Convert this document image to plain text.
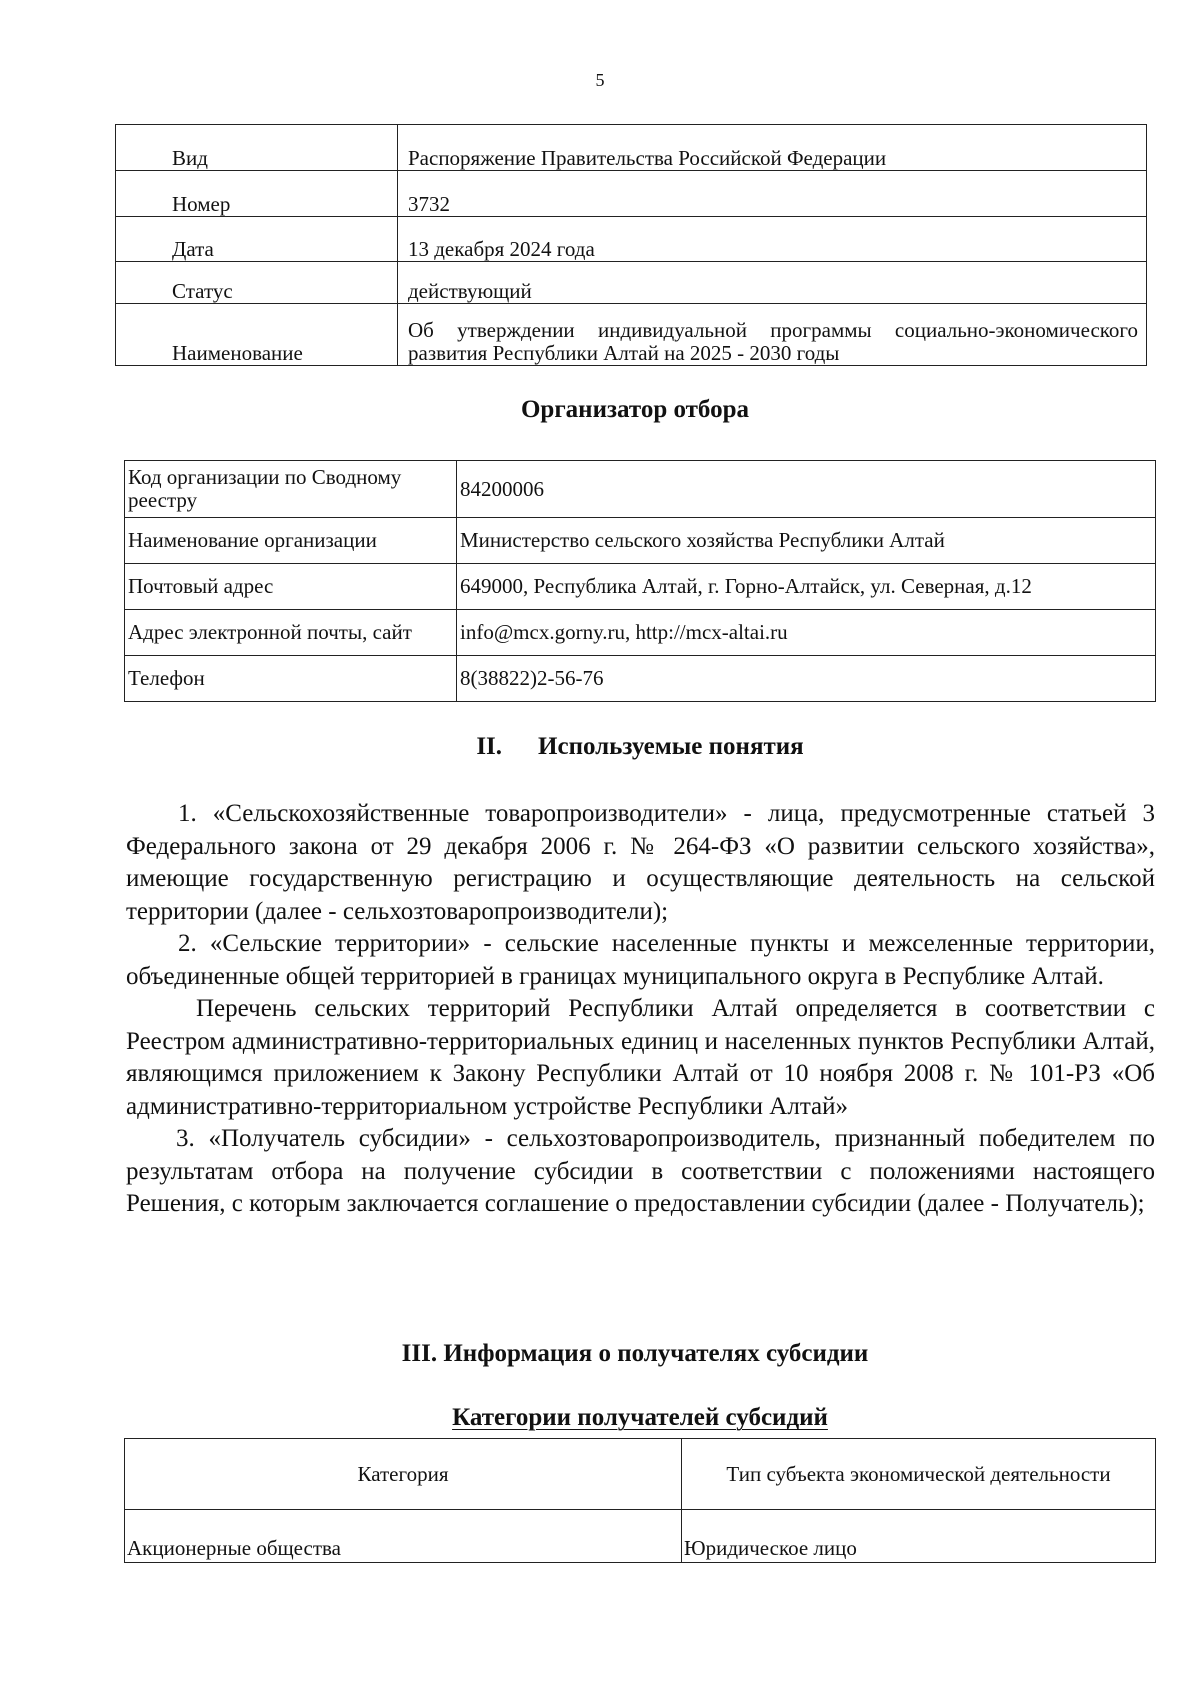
5
Вид	Распоряжение Правительства Российской Федерации
Номер	3732
Дата	13 декабря 2024 года
Статус	действующий
Наименование	Об утверждении индивидуальной программы социально-экономического развития Республики Алтай на 2025 - 2030 годы
Организатор отбора
Код организации по Сводному реестру	84200006
Наименование организации	Министерство сельского хозяйства Республики Алтай
Почтовый адрес	649000, Республика Алтай, г. Горно-Алтайск, ул. Северная, д.12
Адрес электронной почты, сайт	info@mcx.gorny.ru, http://mcx-altai.ru
Телефон	8(38822)2-56-76
II. Используемые понятия

1. «Сельскохозяйственные товаропроизводители» - лица, предусмотренные статьей 3 Федерального закона от 29 декабря 2006 г. № 264-ФЗ «О развитии сельского хозяйства», имеющие государственную регистрацию и осуществляющие деятельность на сельской территории (далее - сельхозтоваропроизводители);

2. «Сельские территории» - сельские населенные пункты и межселенные территории, объединенные общей территорией в границах муниципального округа в Республике Алтай.

Перечень сельских территорий Республики Алтай определяется в соответствии с Реестром административно-территориальных единиц и населенных пунктов Республики Алтай, являющимся приложением к Закону Республики Алтай от 10 ноября 2008 г. № 101-РЗ «Об административно-территориальном устройстве Республики Алтай»

3. «Получатель субсидии» - сельхозтоваропроизводитель, признанный победителем по результатам отбора на получение субсидии в соответствии с положениями настоящего Решения, с которым заключается соглашение о предоставлении субсидии (далее - Получатель);

III. Информация о получателях субсидии
Категории получателей субсидий
Категория	Тип субъекта экономической деятельности
Акционерные общества	Юридическое лицо
